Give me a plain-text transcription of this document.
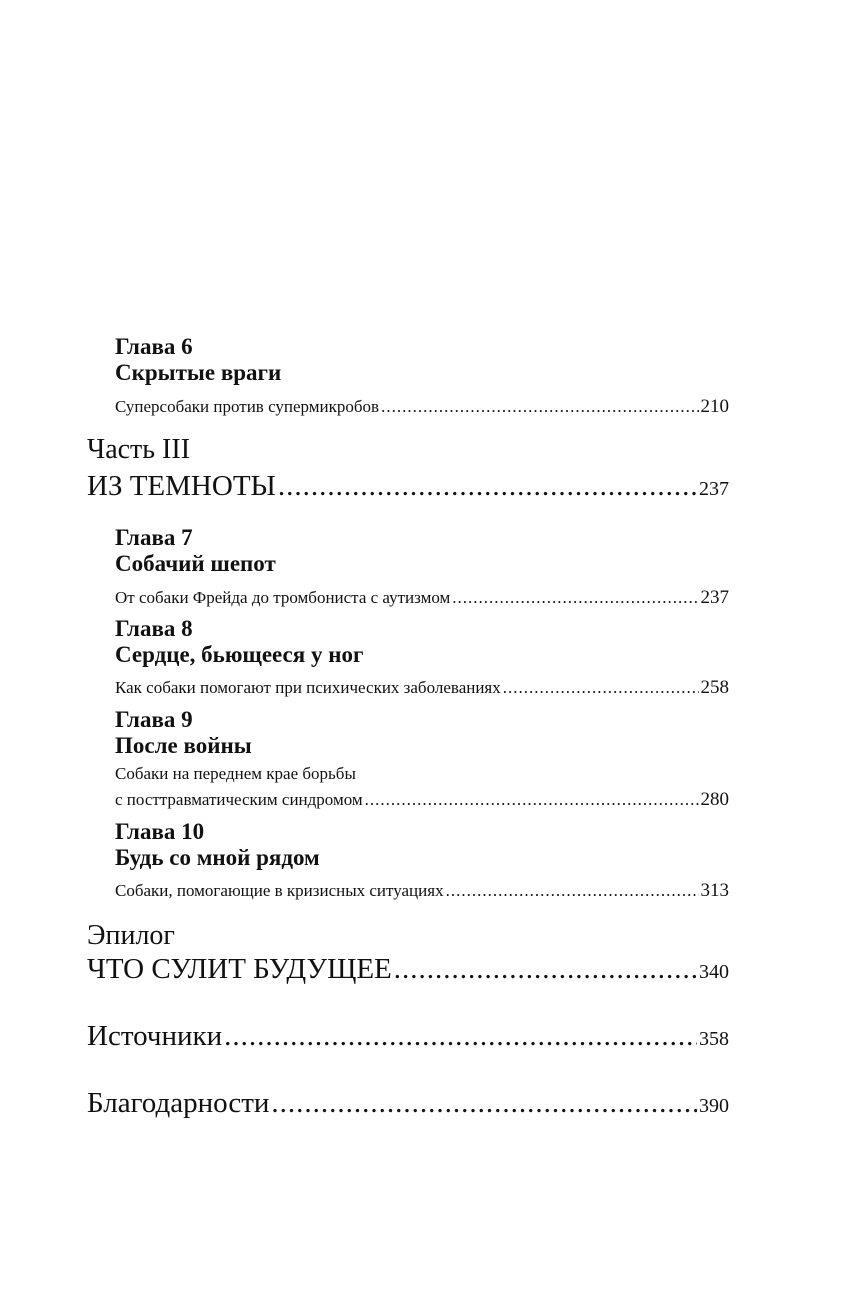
Глава 6
Скрытые враги
Суперсобаки против супермикробов .....	210
Часть III
ИЗ ТЕМНОТЫ .....	237
Глава 7
Собачий шепот
От собаки Фрейда до тромбониста с аутизмом .....	237
Глава 8
Сердце, бьющееся у ног
Как собаки помогают при психических заболеваниях .....	258
Глава 9
После войны
Собаки на переднем крае борьбы
с посттравматическим синдромом .....	280
Глава 10
Будь со мной рядом
Собаки, помогающие в кризисных ситуациях .....	313
Эпилог
ЧТО СУЛИТ БУДУЩЕЕ .....	340
Источники .....	358
Благодарности .....	390
